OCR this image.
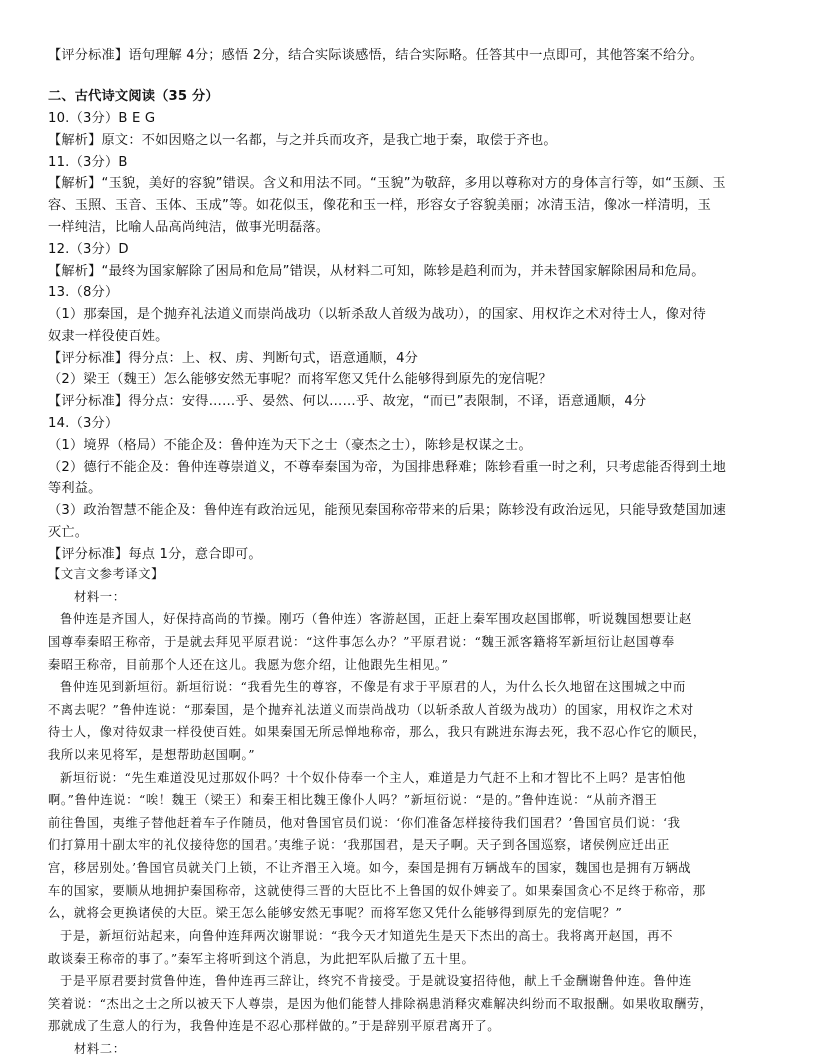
【评分标准】语句理解 4分；感悟 2分，结合实际谈感悟，结合实际略。任答其中一点即可，其他答案不给分。
二、古代诗文阅读（35 分）
10.（3分）B E G
【解析】原文：不如因赂之以一名都，与之并兵而攻齐，是我亡地于秦，取偿于齐也。
11.（3分）B
【解析】“玉貌，美好的容貌”错误。含义和用法不同。“玉貌”为敬辞，多用以尊称对方的身体言行等，如“玉颜、玉
容、玉照、玉音、玉体、玉成”等。如花似玉，像花和玉一样，形容女子容貌美丽；冰清玉洁，像冰一样清明，玉
一样纯洁，比喻人品高尚纯洁，做事光明磊落。
12.（3分）D
【解析】“最终为国家解除了困局和危局”错误，从材料二可知，陈轸是趋利而为，并未替国家解除困局和危局。
13.（8分）
（1）那秦国，是个抛弃礼法道义而崇尚战功（以斩杀敌人首级为战功），的国家、用权诈之术对待士人，像对待
奴隶一样役使百姓。
【评分标准】得分点：上、权、虏、判断句式，语意通顺，4分
（2）梁王（魏王）怎么能够安然无事呢？而将军您又凭什么能够得到原先的宠信呢？
【评分标准】得分点：安得……乎、晏然、何以……乎、故宠，“而已”表限制，不译，语意通顺，4分
14.（3分）
（1）境界（格局）不能企及：鲁仲连为天下之士（豪杰之士），陈轸是权谋之士。
（2）德行不能企及：鲁仲连尊崇道义，不尊奉秦国为帝，为国排患释难；陈轸看重一时之利，只考虑能否得到土地
等利益。
（3）政治智慧不能企及：鲁仲连有政治远见，能预见秦国称帝带来的后果；陈轸没有政治远见，只能导致楚国加速
灭亡。
【评分标准】每点 1分，意合即可。
【文言文参考译文】
材料一：
鲁仲连是齐国人，好保持高尚的节操。刚巧（鲁仲连）客游赵国，正赶上秦军围攻赵国邯郸，听说魏国想要让赵
国尊奉秦昭王称帝，于是就去拜见平原君说：“这件事怎么办？”平原君说：“魏王派客籍将军新垣衍让赵国尊奉
秦昭王称帝，目前那个人还在这儿。我愿为您介绍，让他跟先生相见。”
鲁仲连见到新垣衍。新垣衍说：“我看先生的尊容，不像是有求于平原君的人，为什么长久地留在这围城之中而
不离去呢？”鲁仲连说：“那秦国，是个抛弃礼法道义而崇尚战功（以斩杀敌人首级为战功）的国家，用权诈之术对
待士人，像对待奴隶一样役使百姓。如果秦国无所忌惮地称帝，那么，我只有跳进东海去死，我不忍心作它的顺民，
我所以来见将军，是想帮助赵国啊。”
新垣衍说：“先生难道没见过那奴仆吗？十个奴仆侍奉一个主人，难道是力气赶不上和才智比不上吗？是害怕他
啊。”鲁仲连说：“唉！魏王（梁王）和秦王相比魏王像仆人吗？”新垣衍说：“是的。”鲁仲连说：“从前齐湣王
前往鲁国，夷维子替他赶着车子作随员，他对鲁国官员们说：‘你们准备怎样接待我们国君？’鲁国官员们说：‘我
们打算用十副太牢的礼仪接待您的国君。’夷维子说：‘我那国君，是天子啊。天子到各国巡察，诸侯例应迁出正
宫，移居别处。’鲁国官员就关门上锁，不让齐湣王入境。如今，秦国是拥有万辆战车的国家，魏国也是拥有万辆战
车的国家，要顺从地拥护秦国称帝，这就使得三晋的大臣比不上鲁国的奴仆婢妾了。如果秦国贪心不足终于称帝，那
么，就将会更换诸侯的大臣。梁王怎么能够安然无事呢？而将军您又凭什么能够得到原先的宠信呢？”
于是，新垣衍站起来，向鲁仲连拜两次谢罪说：“我今天才知道先生是天下杰出的高士。我将离开赵国，再不
敢谈秦王称帝的事了。”秦军主将听到这个消息，为此把军队后撤了五十里。
于是平原君要封赏鲁仲连，鲁仲连再三辞让，终究不肯接受。于是就设宴招待他，献上千金酬谢鲁仲连。鲁仲连
笑着说：“杰出之士之所以被天下人尊崇，是因为他们能替人排除祸患消释灾难解决纠纷而不取报酬。如果收取酬劳，
那就成了生意人的行为，我鲁仲连是不忍心那样做的。”于是辞别平原君离开了。
材料二：
